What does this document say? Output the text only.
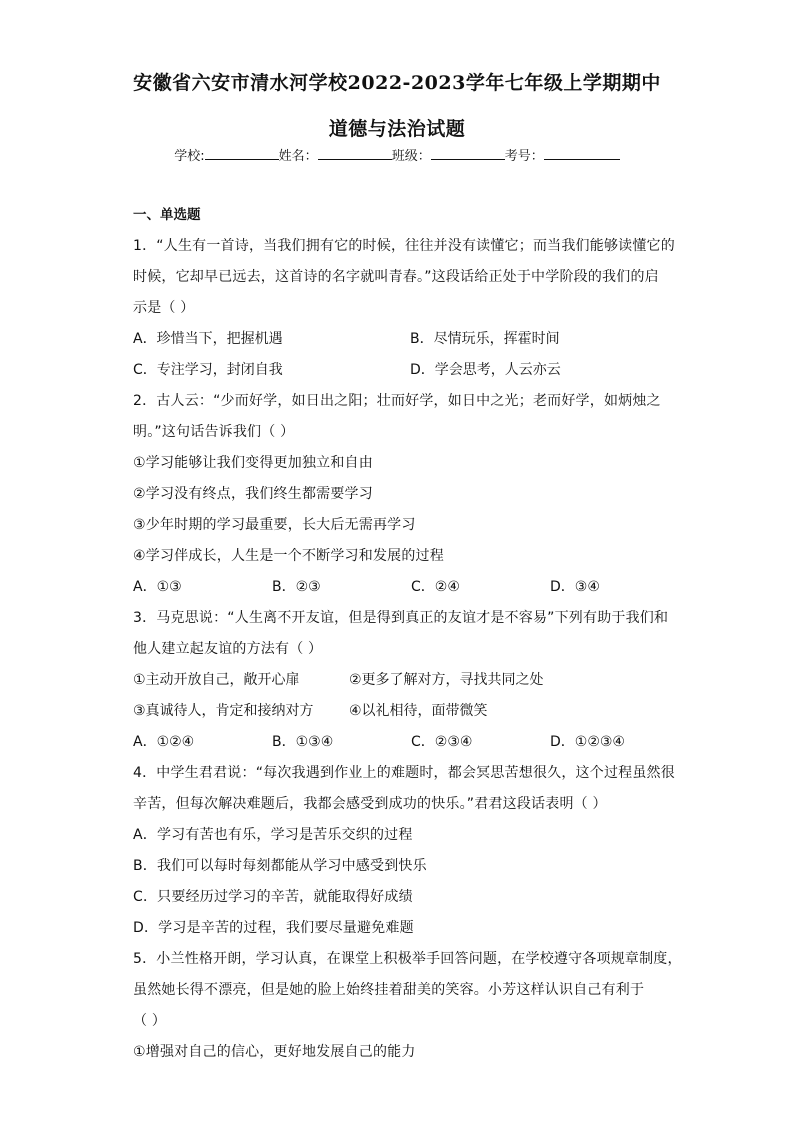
安徽省六安市清水河学校2022-2023学年七年级上学期期中
道德与法治试题
学校:	姓名：	班级：	考号：
一、单选题
1．“人生有一首诗，当我们拥有它的时候，往往并没有读懂它；而当我们能够读懂它的
时候，它却早已远去，这首诗的名字就叫青春。”这段话给正处于中学阶段的我们的启
示是（ ）
A．珍惜当下，把握机遇	B．尽情玩乐，挥霍时间
C．专注学习，封闭自我	D．学会思考，人云亦云
2．古人云：“少而好学，如日出之阳；壮而好学，如日中之光；老而好学，如炳烛之
明。”这句话告诉我们（ ）
①学习能够让我们变得更加独立和自由
②学习没有终点，我们终生都需要学习
③少年时期的学习最重要，长大后无需再学习
④学习伴成长，人生是一个不断学习和发展的过程
A．①③	B．②③	C．②④	D．③④
3．马克思说：“人生离不开友谊，但是得到真正的友谊才是不容易”下列有助于我们和
他人建立起友谊的方法有（ ）
①主动开放自己，敞开心扉	②更多了解对方，寻找共同之处
③真诚待人，肯定和接纳对方	④以礼相待，面带微笑
A．①②④	B．①③④	C．②③④	D．①②③④
4．中学生君君说：“每次我遇到作业上的难题时，都会冥思苦想很久，这个过程虽然很
辛苦，但每次解决难题后，我都会感受到成功的快乐。”君君这段话表明（ ）
A．学习有苦也有乐，学习是苦乐交织的过程
B．我们可以每时每刻都能从学习中感受到快乐
C．只要经历过学习的辛苦，就能取得好成绩
D．学习是辛苦的过程，我们要尽量避免难题
5．小兰性格开朗，学习认真，在课堂上积极举手回答问题，在学校遵守各项规章制度，
虽然她长得不漂亮，但是她的脸上始终挂着甜美的笑容。小芳这样认识自己有利于
（ ）
①增强对自己的信心，更好地发展自己的能力
